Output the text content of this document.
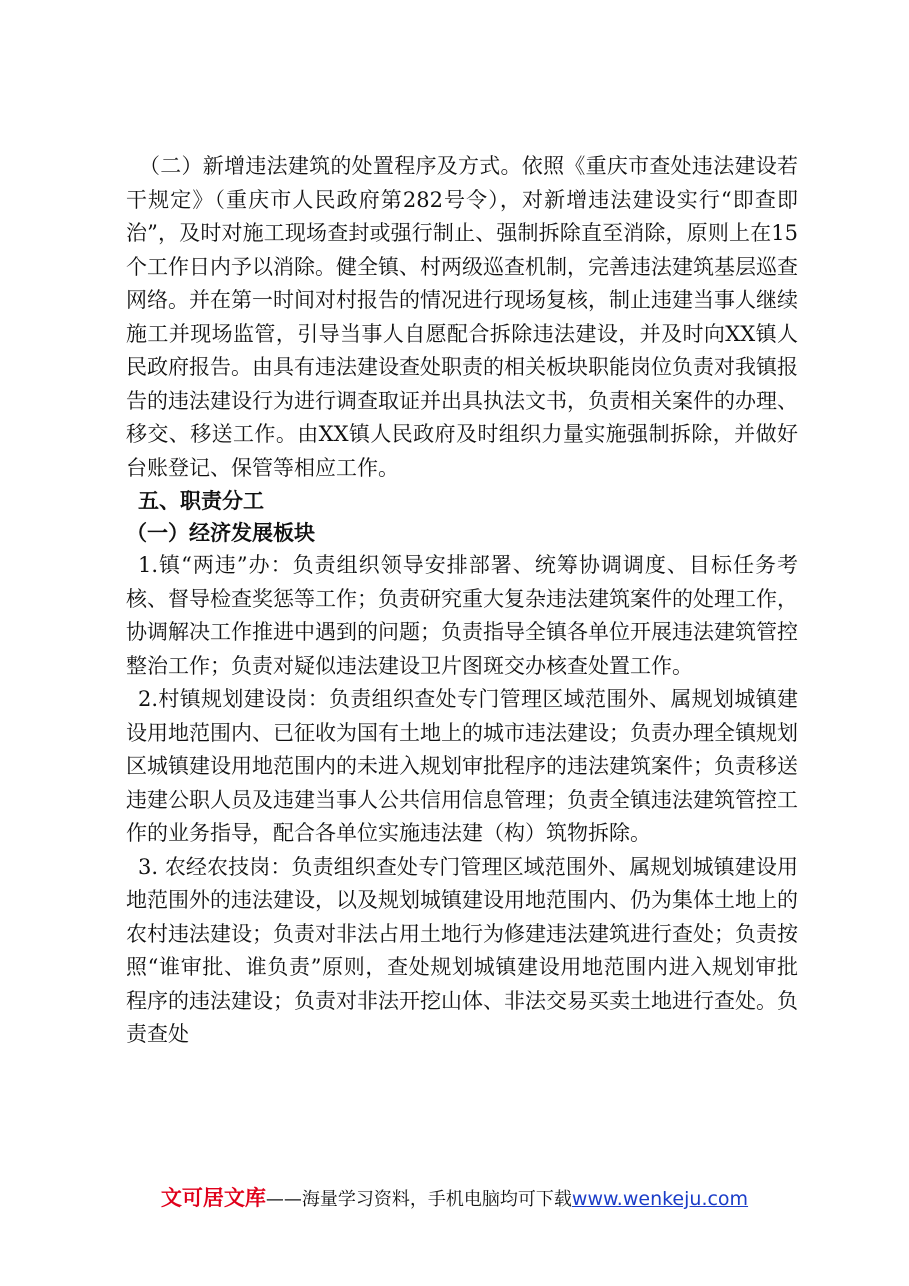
（二）新增违法建筑的处置程序及方式。依照《重庆市查处违法建设若干规定》（重庆市人民政府第282号令），对新增违法建设实行“即查即治”，及时对施工现场查封或强行制止、强制拆除直至消除，原则上在15个工作日内予以消除。健全镇、村两级巡查机制，完善违法建筑基层巡查网络。并在第一时间对村报告的情况进行现场复核，制止违建当事人继续施工并现场监管，引导当事人自愿配合拆除违法建设，并及时向XX镇人民政府报告。由具有违法建设查处职责的相关板块职能岗位负责对我镇报告的违法建设行为进行调查取证并出具执法文书，负责相关案件的办理、移交、移送工作。由XX镇人民政府及时组织力量实施强制拆除，并做好台账登记、保管等相应工作。

五、职责分工

（一）经济发展板块

1.镇“两违”办：负责组织领导安排部署、统筹协调调度、目标任务考核、督导检查奖惩等工作；负责研究重大复杂违法建筑案件的处理工作，协调解决工作推进中遇到的问题；负责指导全镇各单位开展违法建筑管控整治工作；负责对疑似违法建设卫片图斑交办核查处置工作。

2.村镇规划建设岗：负责组织查处专门管理区域范围外、属规划城镇建设用地范围内、已征收为国有土地上的城市违法建设；负责办理全镇规划区城镇建设用地范围内的未进入规划审批程序的违法建筑案件；负责移送违建公职人员及违建当事人公共信用信息管理；负责全镇违法建筑管控工作的业务指导，配合各单位实施违法建（构）筑物拆除。

3. 农经农技岗：负责组织查处专门管理区域范围外、属规划城镇建设用地范围外的违法建设，以及规划城镇建设用地范围内、仍为集体土地上的农村违法建设；负责对非法占用土地行为修建违法建筑进行查处；负责按照“谁审批、谁负责”原则，查处规划城镇建设用地范围内进入规划审批程序的违法建设；负责对非法开挖山体、非法交易买卖土地进行查处。负责查处

文可居文库——海量学习资料，手机电脑均可下载www.wenkeju.com
